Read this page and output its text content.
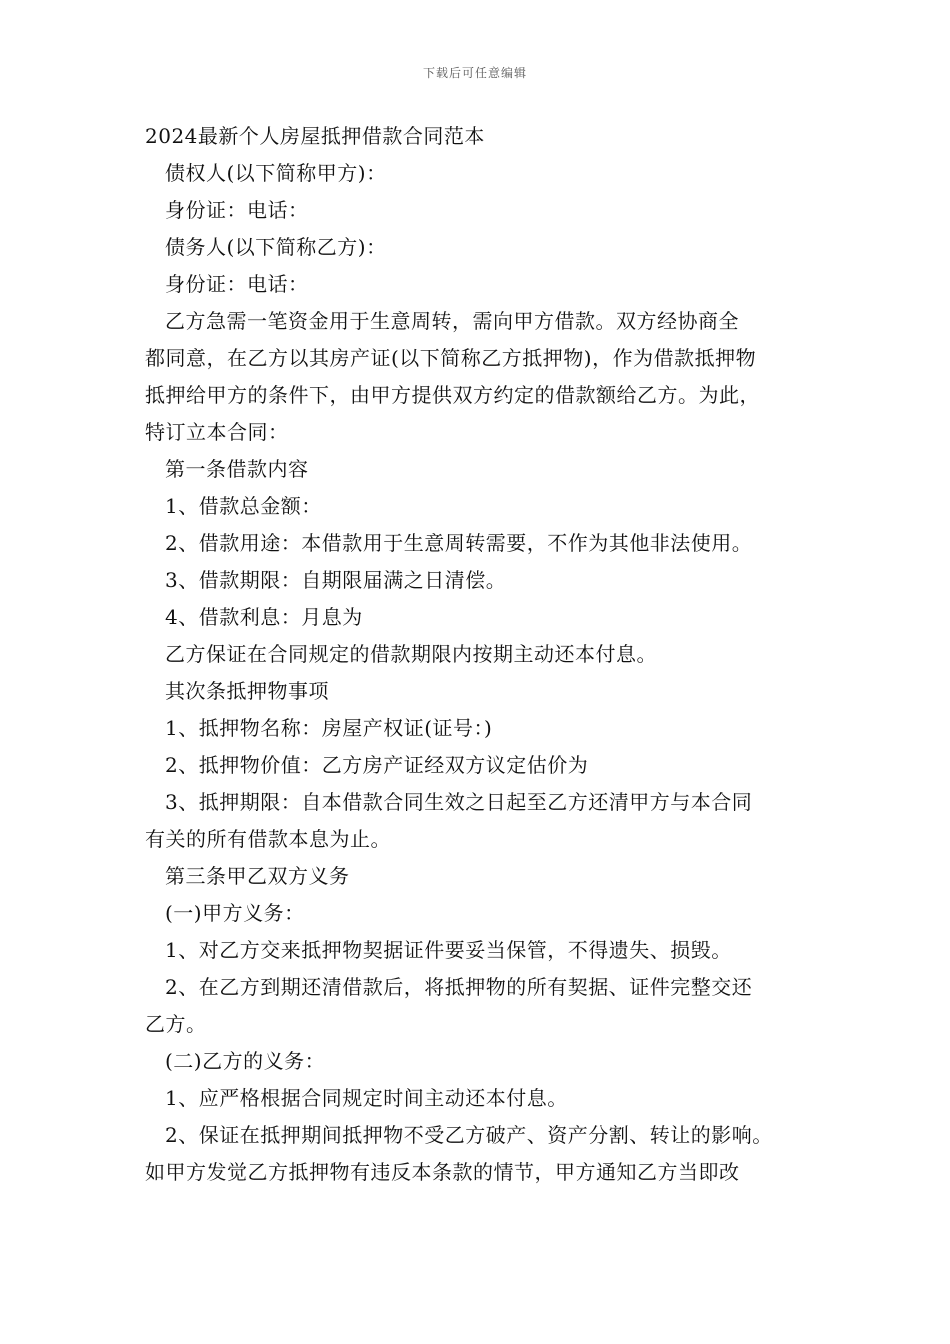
下载后可任意编辑
2024最新个人房屋抵押借款合同范本
债权人(以下简称甲方)：
身份证：电话：
债务人(以下简称乙方)：
身份证：电话：
乙方急需一笔资金用于生意周转，需向甲方借款。双方经协商全
都同意，在乙方以其房产证(以下简称乙方抵押物)，作为借款抵押物
抵押给甲方的条件下，由甲方提供双方约定的借款额给乙方。为此，
特订立本合同：
第一条借款内容
1、借款总金额：
2、借款用途：本借款用于生意周转需要，不作为其他非法使用。
3、借款期限：自期限届满之日清偿。
4、借款利息：月息为
乙方保证在合同规定的借款期限内按期主动还本付息。
其次条抵押物事项
1、抵押物名称：房屋产权证(证号：)
2、抵押物价值：乙方房产证经双方议定估价为
3、抵押期限：自本借款合同生效之日起至乙方还清甲方与本合同
有关的所有借款本息为止。
第三条甲乙双方义务
(一)甲方义务：
1、对乙方交来抵押物契据证件要妥当保管，不得遗失、损毁。
2、在乙方到期还清借款后，将抵押物的所有契据、证件完整交还
乙方。
(二)乙方的义务：
1、应严格根据合同规定时间主动还本付息。
2、保证在抵押期间抵押物不受乙方破产、资产分割、转让的影响。
如甲方发觉乙方抵押物有违反本条款的情节，甲方通知乙方当即改
